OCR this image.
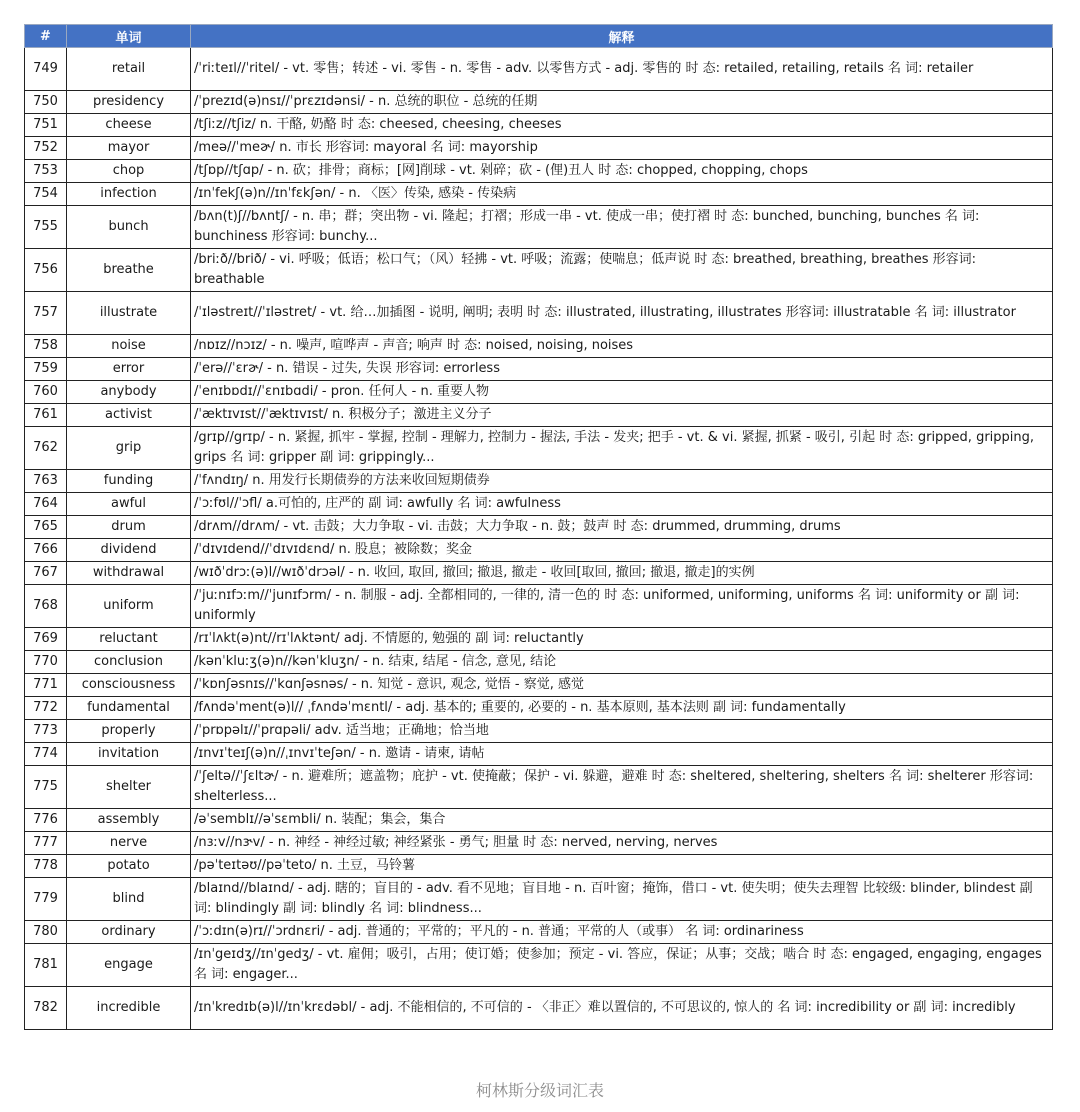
#	单词	解释
749	retail	/ˈriːteɪl//ˈritel/ - vt. 零售；转述 - vi. 零售 - n. 零售 - adv. 以零售方式 - adj. 零售的 时 态: retailed, retailing, retails 名 词: retailer
750	presidency	/ˈprezɪd(ə)nsɪ//ˈprɛzɪdənsi/ - n. 总统的职位 - 总统的任期
751	cheese	/tʃiːz//tʃiz/ n. 干酪, 奶酪 时 态: cheesed, cheesing, cheeses
752	mayor	/meə//ˈmeɚ/ n. 市长 形容词: mayoral 名 词: mayorship
753	chop	/tʃɒp//tʃɑp/ - n. 砍；排骨；商标；[网]削球 - vt. 剁碎；砍 - (俚)丑人 时 态: chopped, chopping, chops
754	infection	/ɪnˈfekʃ(ə)n//ɪnˈfɛkʃən/ - n. 〈医〉传染, 感染 - 传染病
755	bunch	/bʌn(t)ʃ//bʌntʃ/ - n. 串；群；突出物 - vi. 隆起；打褶；形成一串 - vt. 使成一串；使打褶 时 态: bunched, bunching, bunches 名 词: bunchiness 形容词: bunchy...
756	breathe	/briːð//brið/ - vi. 呼吸；低语；松口气；（风）轻拂 - vt. 呼吸；流露；使喘息；低声说 时 态: breathed, breathing, breathes 形容词: breathable
757	illustrate	/ˈɪləstreɪt//ˈɪləstret/ - vt. 给…加插图 - 说明, 阐明; 表明 时 态: illustrated, illustrating, illustrates 形容词: illustratable 名 词: illustrator
758	noise	/nɒɪz//nɔɪz/ - n. 噪声, 喧哗声 - 声音; 响声 时 态: noised, noising, noises
759	error	/ˈerə//ˈɛrɚ/ - n. 错误 - 过失, 失误 形容词: errorless
760	anybody	/ˈenɪbɒdɪ//ˈɛnɪbɑdi/ - pron. 任何人 - n. 重要人物
761	activist	/ˈæktɪvɪst//ˈæktɪvɪst/ n. 积极分子；激进主义分子
762	grip	/grɪp//grɪp/ - n. 紧握, 抓牢 - 掌握, 控制 - 理解力, 控制力 - 握法, 手法 - 发夹; 把手 - vt. & vi. 紧握, 抓紧 - 吸引, 引起 时 态: gripped, gripping, grips 名 词: gripper 副 词: grippingly...
763	funding	/ˈfʌndɪŋ/ n. 用发行长期债券的方法来收回短期债券
764	awful	/ˈɔːfʊl//ˈɔfl/ a.可怕的, 庄严的 副 词: awfully 名 词: awfulness
765	drum	/drʌm//drʌm/ - vt. 击鼓；大力争取 - vi. 击鼓；大力争取 - n. 鼓；鼓声 时 态: drummed, drumming, drums
766	dividend	/ˈdɪvɪdend//ˈdɪvɪdɛnd/ n. 股息；被除数；奖金
767	withdrawal	/wɪðˈdrɔː(ə)l//wɪðˈdrɔəl/ - n. 收回, 取回, 撤回; 撤退, 撤走 - 收回[取回, 撤回; 撤退, 撤走]的实例
768	uniform	/ˈjuːnɪfɔːm//ˈjunɪfɔrm/ - n. 制服 - adj. 全都相同的, 一律的, 清一色的 时 态: uniformed, uniforming, uniforms 名 词: uniformity or 副 词: uniformly
769	reluctant	/rɪˈlʌkt(ə)nt//rɪˈlʌktənt/ adj. 不情愿的, 勉强的 副 词: reluctantly
770	conclusion	/kənˈkluːʒ(ə)n//kənˈkluʒn/ - n. 结束, 结尾 - 信念, 意见, 结论
771	consciousness	/ˈkɒnʃəsnɪs//ˈkɑnʃəsnəs/ - n. 知觉 - 意识, 观念, 觉悟 - 察觉, 感觉
772	fundamental	/fʌndəˈment(ə)l// ˌfʌndəˈmɛntl/ - adj. 基本的; 重要的, 必要的 - n. 基本原则, 基本法则 副 词: fundamentally
773	properly	/ˈprɒpəlɪ//ˈprɑpəli/ adv. 适当地；正确地；恰当地
774	invitation	/ɪnvɪˈteɪʃ(ə)n//ˌɪnvɪˈteʃən/ - n. 邀请 - 请柬, 请帖
775	shelter	/ˈʃeltə//ˈʃɛltɚ/ - n. 避难所；遮盖物；庇护 - vt. 使掩蔽；保护 - vi. 躲避，避难 时 态: sheltered, sheltering, shelters 名 词: shelterer 形容词: shelterless...
776	assembly	/əˈsemblɪ//əˈsɛmbli/ n. 装配；集会，集合
777	nerve	/nɜːv//nɝv/ - n. 神经 - 神经过敏; 神经紧张 - 勇气; 胆量 时 态: nerved, nerving, nerves
778	potato	/pəˈteɪtəʊ//pəˈteto/ n. 土豆，马铃薯
779	blind	/blaɪnd//blaɪnd/ - adj. 瞎的；盲目的 - adv. 看不见地；盲目地 - n. 百叶窗；掩饰，借口 - vt. 使失明；使失去理智 比较级: blinder, blindest 副 词: blindingly 副 词: blindly 名 词: blindness...
780	ordinary	/ˈɔːdɪn(ə)rɪ//ˈɔrdnɛri/ - adj. 普通的；平常的；平凡的 - n. 普通；平常的人（或事） 名 词: ordinariness
781	engage	/ɪnˈgeɪdʒ//ɪnˈgedʒ/ - vt. 雇佣；吸引，占用；使订婚；使参加；预定 - vi. 答应，保证；从事；交战；啮合 时 态: engaged, engaging, engages 名 词: engager...
782	incredible	/ɪnˈkredɪb(ə)l//ɪnˈkrɛdəbl/ - adj. 不能相信的, 不可信的 - 〈非正〉难以置信的, 不可思议的, 惊人的 名 词: incredibility or 副 词: incredibly
柯林斯分级词汇表
